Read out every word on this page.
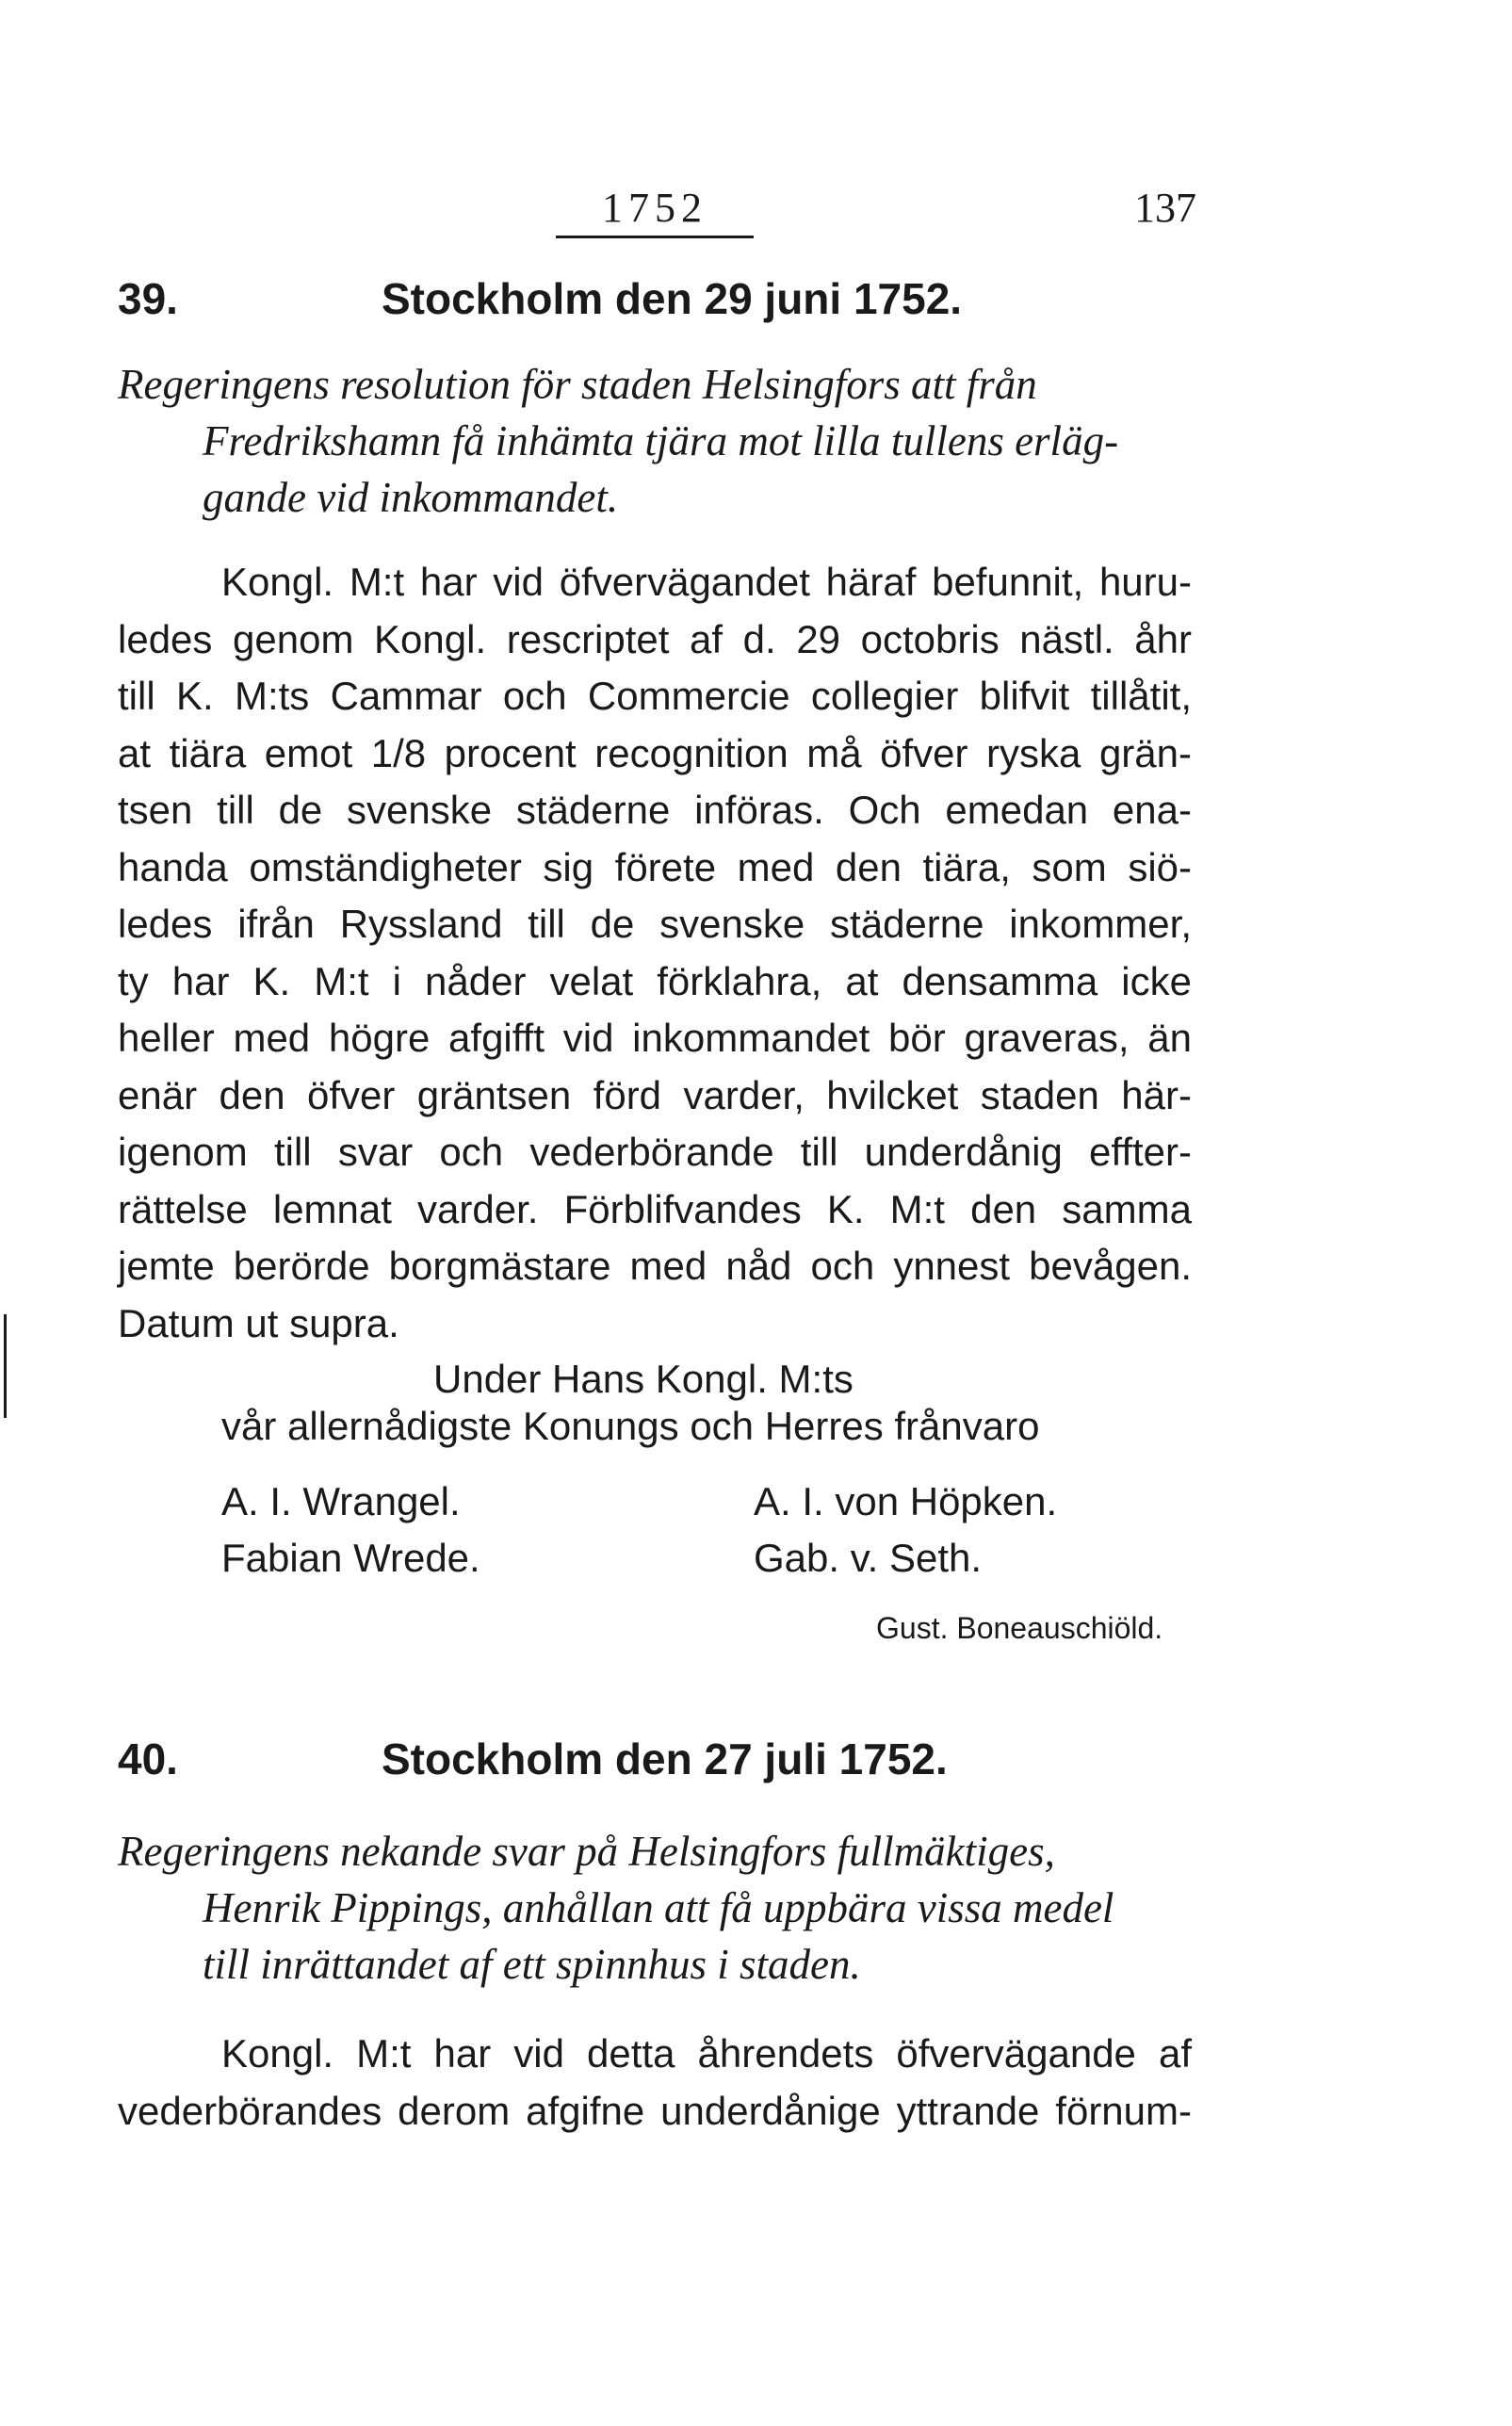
1752	137
39.	Stockholm den 29 juni 1752.
Regeringens resolution för staden Helsingfors att från
Fredrikshamn få inhämta tjära mot lilla tullens erläg-
gande vid inkommandet.
Kongl. M:t har vid öfvervägandet häraf befunnit, huru-
ledes genom Kongl. rescriptet af d. 29 octobris nästl. åhr
till K. M:ts Cammar och Commercie collegier blifvit tillåtit,
at tiära emot 1/8 procent recognition må öfver ryska grän-
tsen till de svenske städerne införas. Och emedan ena-
handa omständigheter sig förete med den tiära, som siö-
ledes ifrån Ryssland till de svenske städerne inkommer,
ty har K. M:t i nåder velat förklahra, at densamma icke
heller med högre afgifft vid inkommandet bör graveras, än
enär den öfver gräntsen förd varder, hvilcket staden här-
igenom till svar och vederbörande till underdånig effter-
rättelse lemnat varder. Förblifvandes K. M:t den samma
jemte berörde borgmästare med nåd och ynnest bevågen.
Datum ut supra.
Under Hans Kongl. M:ts
vår allernådigste Konungs och Herres frånvaro
A. I. Wrangel.	A. I. von Höpken.
Fabian Wrede.	Gab. v. Seth.
Gust. Boneauschiöld.
40.	Stockholm den 27 juli 1752.
Regeringens nekande svar på Helsingfors fullmäktiges,
Henrik Pippings, anhållan att få uppbära vissa medel
till inrättandet af ett spinnhus i staden.
Kongl. M:t har vid detta åhrendets öfvervägande af
vederbörandes derom afgifne underdånige yttrande förnum-
